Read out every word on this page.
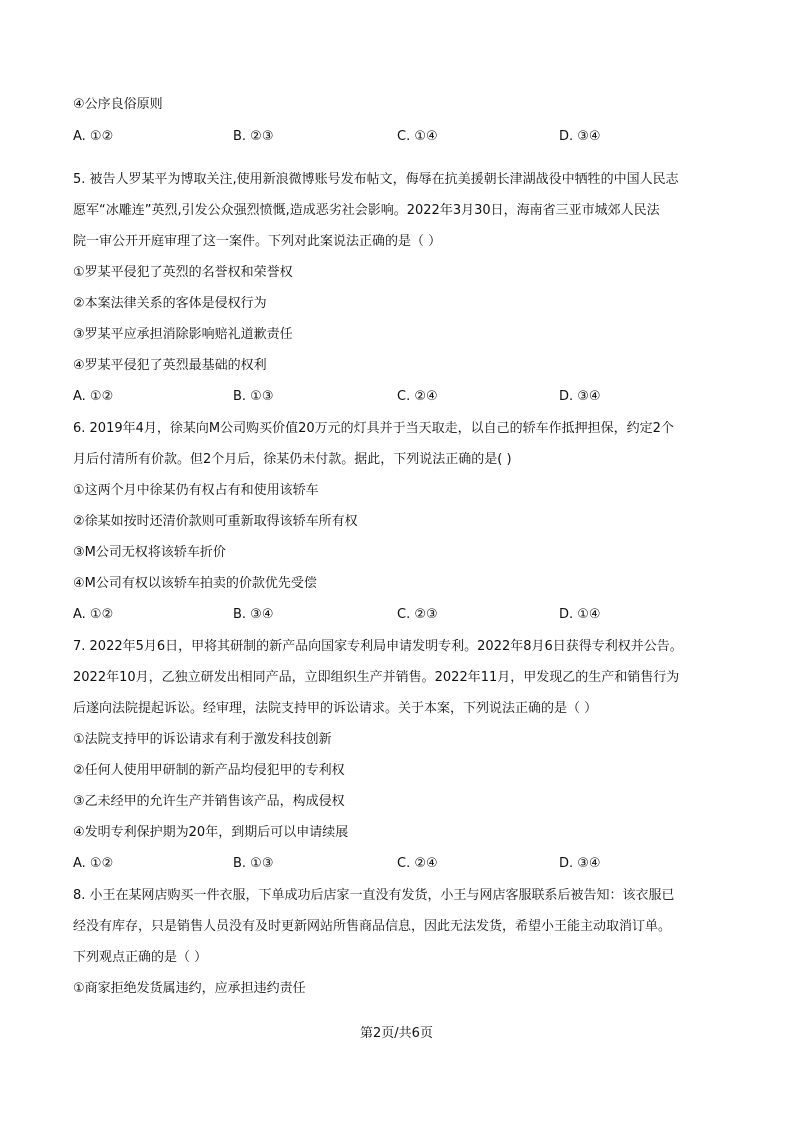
④公序良俗原则
A. ①②	B. ②③	C. ①④	D. ③④
5. 被告人罗某平为博取关注,使用新浪微博账号发布帖文，侮辱在抗美援朝长津湖战役中牺牲的中国人民志
愿军“冰雕连”英烈,引发公众强烈愤慨,造成恶劣社会影响。2022年3月30日，海南省三亚市城郊人民法
院一审公开开庭审理了这一案件。下列对此案说法正确的是（ ）
①罗某平侵犯了英烈的名誉权和荣誉权
②本案法律关系的客体是侵权行为
③罗某平应承担消除影响赔礼道歉责任
④罗某平侵犯了英烈最基础的权利
A. ①②	B. ①③	C. ②④	D. ③④
6. 2019年4月，徐某向M公司购买价值20万元的灯具并于当天取走，以自己的轿车作抵押担保，约定2个
月后付清所有价款。但2个月后，徐某仍未付款。据此，下列说法正确的是( )
①这两个月中徐某仍有权占有和使用该轿车
②徐某如按时还清价款则可重新取得该轿车所有权
③M公司无权将该轿车折价
④M公司有权以该轿车拍卖的价款优先受偿
A. ①②	B. ③④	C. ②③	D. ①④
7. 2022年5月6日，甲将其研制的新产品向国家专利局申请发明专利。2022年8月6日获得专利权并公告。
2022年10月，乙独立研发出相同产品，立即组织生产并销售。2022年11月，甲发现乙的生产和销售行为
后遂向法院提起诉讼。经审理，法院支持甲的诉讼请求。关于本案，下列说法正确的是（ ）
①法院支持甲的诉讼请求有利于激发科技创新
②任何人使用甲研制的新产品均侵犯甲的专利权
③乙未经甲的允许生产并销售该产品，构成侵权
④发明专利保护期为20年，到期后可以申请续展
A. ①②	B. ①③	C. ②④	D. ③④
8. 小王在某网店购买一件衣服，下单成功后店家一直没有发货，小王与网店客服联系后被告知：该衣服已
经没有库存，只是销售人员没有及时更新网站所售商品信息，因此无法发货，希望小王能主动取消订单。
下列观点正确的是（ ）
①商家拒绝发货属违约，应承担违约责任
第2页/共6页
